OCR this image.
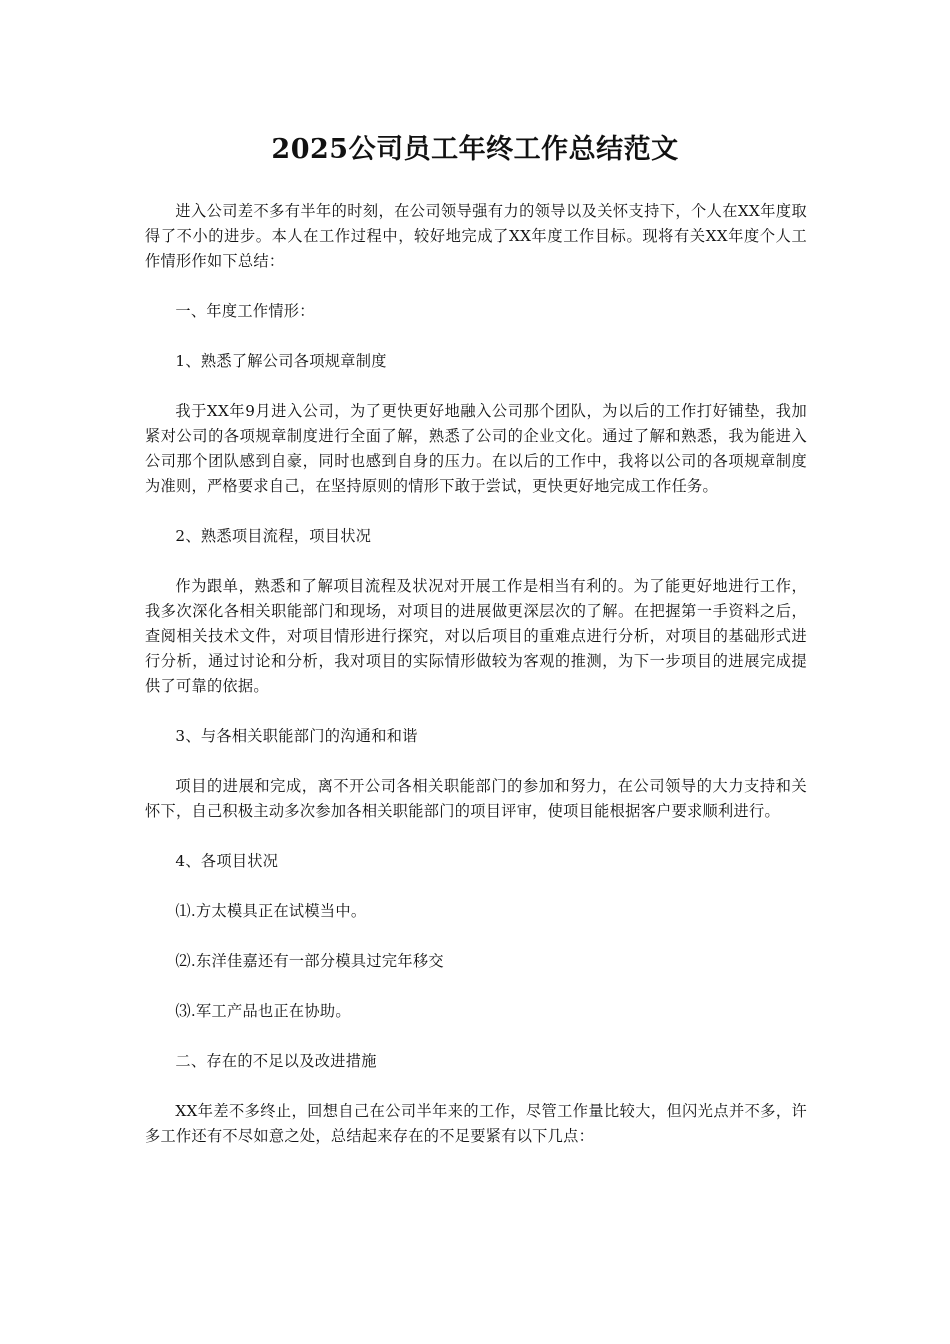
2025公司员工年终工作总结范文

进入公司差不多有半年的时刻，在公司领导强有力的领导以及关怀支持下，个人在XX年度取得了不小的进步。本人在工作过程中，较好地完成了XX年度工作目标。现将有关XX年度个人工作情形作如下总结：

一、年度工作情形：

1、熟悉了解公司各项规章制度

我于XX年9月进入公司，为了更快更好地融入公司那个团队，为以后的工作打好铺垫，我加紧对公司的各项规章制度进行全面了解，熟悉了公司的企业文化。通过了解和熟悉，我为能进入公司那个团队感到自豪，同时也感到自身的压力。在以后的工作中，我将以公司的各项规章制度为准则，严格要求自己，在坚持原则的情形下敢于尝试，更快更好地完成工作任务。

2、熟悉项目流程，项目状况

作为跟单，熟悉和了解项目流程及状况对开展工作是相当有利的。为了能更好地进行工作，我多次深化各相关职能部门和现场，对项目的进展做更深层次的了解。在把握第一手资料之后，查阅相关技术文件，对项目情形进行探究，对以后项目的重难点进行分析，对项目的基础形式进行分析，通过讨论和分析，我对项目的实际情形做较为客观的推测，为下一步项目的进展完成提供了可靠的依据。

3、与各相关职能部门的沟通和和谐

项目的进展和完成，离不开公司各相关职能部门的参加和努力，在公司领导的大力支持和关怀下，自己积极主动多次参加各相关职能部门的项目评审，使项目能根据客户要求顺利进行。

4、各项目状况

⑴.方太模具正在试模当中。

⑵.东洋佳嘉还有一部分模具过完年移交

⑶.军工产品也正在协助。

二、存在的不足以及改进措施

XX年差不多终止，回想自己在公司半年来的工作，尽管工作量比较大，但闪光点并不多，许多工作还有不尽如意之处，总结起来存在的不足要紧有以下几点：
